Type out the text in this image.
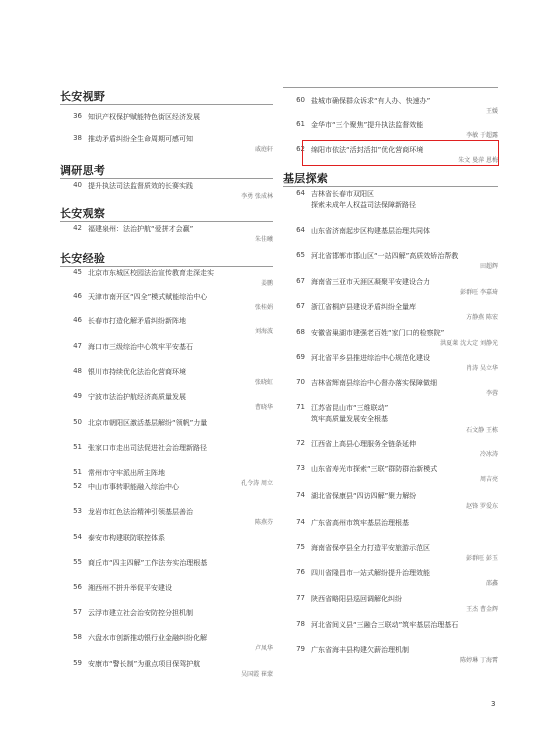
长安视野
36 知识产权保护赋能特色街区经济发展
38 推动矛盾纠纷全生命周期可感可知
戚庭轩
调研思考
40 提升执法司法监督质效的长赛实践
李勇 张成林
长安观察
42 福建泉州：法治护航“爱拼才会赢”
朱佳曦
长安经验
45 北京市东城区校园法治宣传教育走深走实
姜鹏
46 天津市南开区“四全”模式赋能综治中心
张桂娟
46 长春市打造化解矛盾纠纷新阵地
刘海波
47 海口市三级综治中心筑牢平安基石
48 银川市持续优化法治化营商环境
张晓虹
49 宁波市法治护航经济高质量发展
曹晓华
50 北京市朝阳区激活基层解纷“领帆”力量
51 张家口市走出司法促进社会治理新路径
51 常州市守牢派出所主阵地
孔令涛 周立
52 中山市事转职能融入综治中心
53 龙岩市红色法治精神引领基层善治
陈燕芬
54 泰安市构建联防联控体系
55 商丘市“四主四解”工作法夯实治理根基
56 湘西州不拼升举促平安建设
57 云浮市建立社会治安防控分担机制
58 六盘水市创新推动银行业金融纠纷化解
卢凤华
59 安康市“警长制”为重点项目保驾护航
吴国霞 崔蒙
60 盐城市确保群众诉求“有人办、快速办”
王媛
61 金华市“三个聚焦”提升执法监督效能
李敏 于超露
62 绵阳市依法“活封活扣”优化营商环境
朱文 曼萍 恩梅
基层探索
64 吉林省长春市双阳区
探索未成年人权益司法保障新路径
64 山东省济南起步区构建基层治理共同体
65 河北省邯郸市邯山区“一站四解”高质效矫治帮教
田超辉
67 海南省三亚市天涯区凝聚平安建设合力
彭群旺 李嘉琦
67 浙江省桐庐县建设矛盾纠纷全量库
方静燕 陈宏
68 安徽省巢湖市建强老百姓“家门口的检察院”
洪夏莱 沈大定 刘静光
69 河北省平乡县推进综治中心规范化建设
肖涛 吴立华
70 吉林省辉南县综治中心督办落实保障做细
李蓉
71 江苏省昆山市“三维联动”
筑牢高质量发展安全根基
石文静 王栋
72 江西省上高县心理服务全链条延伸
冷冰涛
73 山东省寿光市探索“三联”群防群治新模式
周吉亮
74 湖北省保康县“四访四解”聚力解纷
赵锋 罗爱东
74 广东省高州市筑牢基层治理根基
75 海南省保亭县全力打造平安旅游示范区
彭群旺 彭玉
76 四川省隆昌市一站式解纷提升治理效能
邵鑫
77 陕西省略阳县巡回调解化纠纷
王杰 曹金辉
78 河北省间义县“三融合三联动”筑牢基层治理基石
79 广东省海丰县构建欠薪治理机制
陈婷琳 丁海霄
3
